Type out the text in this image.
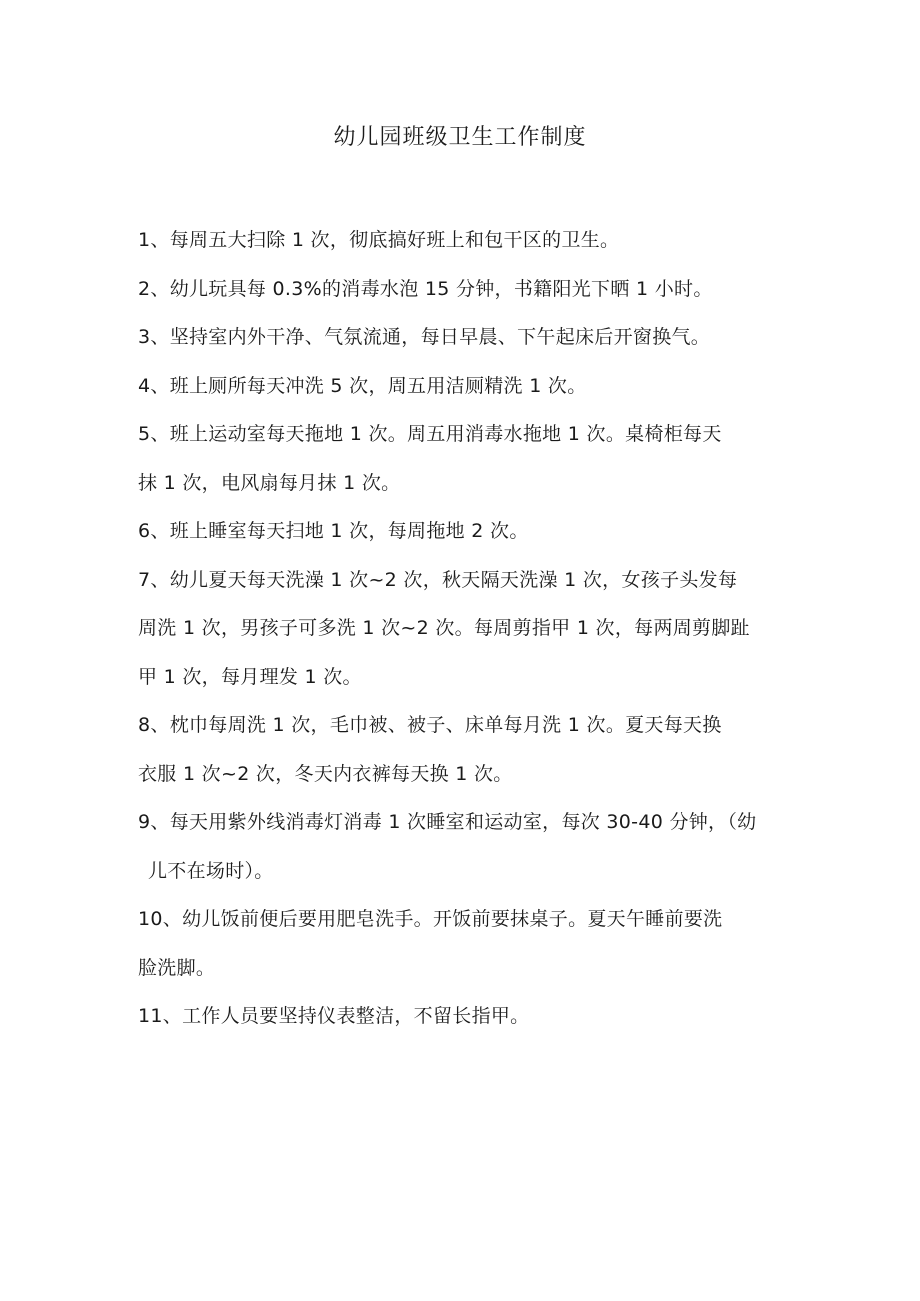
幼儿园班级卫生工作制度

1、每周五大扫除 1 次，彻底搞好班上和包干区的卫生。

2、幼儿玩具每 0.3%的消毒水泡 15 分钟，书籍阳光下晒 1 小时。

3、坚持室内外干净、气氛流通，每日早晨、下午起床后开窗换气。

4、班上厕所每天冲洗 5 次，周五用洁厕精洗 1 次。

5、班上运动室每天拖地 1 次。周五用消毒水拖地 1 次。桌椅柜每天
抹 1 次，电风扇每月抹 1 次。

6、班上睡室每天扫地 1 次，每周拖地 2 次。

7、幼儿夏天每天洗澡 1 次~2 次，秋天隔天洗澡 1 次，女孩子头发每
周洗 1 次，男孩子可多洗 1 次~2 次。每周剪指甲 1 次，每两周剪脚趾
甲 1 次，每月理发 1 次。

8、枕巾每周洗 1 次，毛巾被、被子、床单每月洗 1 次。夏天每天换
衣服 1 次~2 次，冬天内衣裤每天换 1 次。

9、每天用紫外线消毒灯消毒 1 次睡室和运动室，每次 30-40 分钟，（幼
儿不在场时）。

10、幼儿饭前便后要用肥皂洗手。开饭前要抹桌子。夏天午睡前要洗
脸洗脚。

11、工作人员要坚持仪表整洁，不留长指甲。
